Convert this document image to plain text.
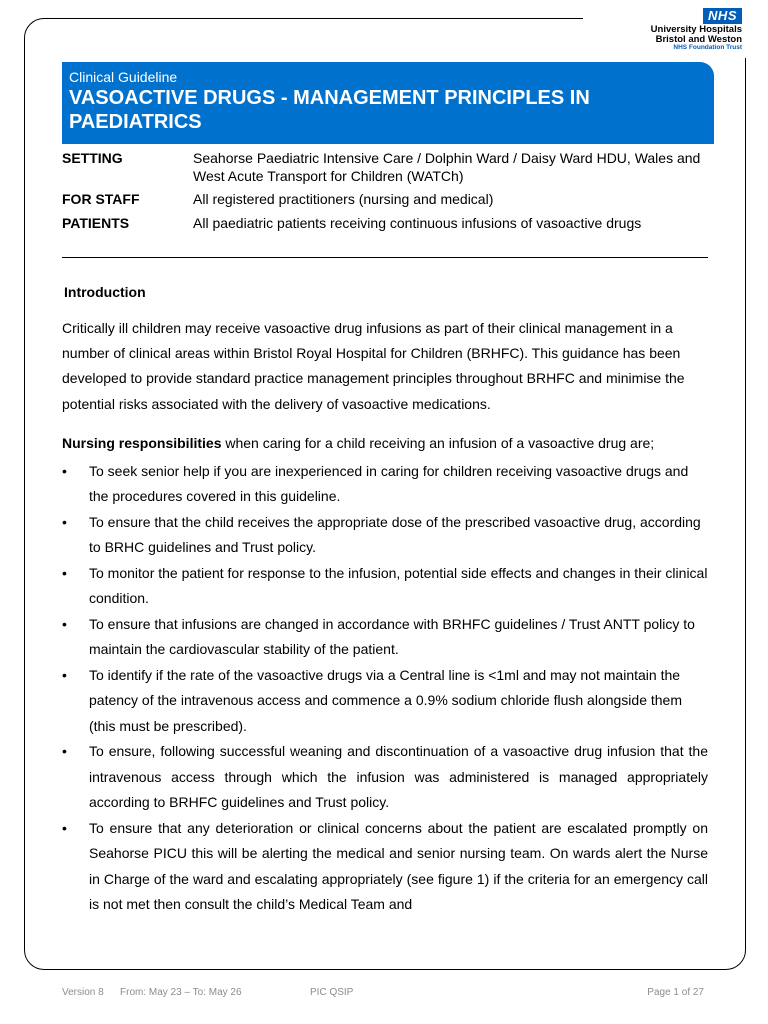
NHS
University Hospitals
Bristol and Weston
NHS Foundation Trust
Clinical Guideline
VASOACTIVE DRUGS - MANAGEMENT PRINCIPLES IN PAEDIATRICS
SETTING	Seahorse Paediatric Intensive Care / Dolphin Ward / Daisy Ward HDU, Wales and West Acute Transport for Children (WATCh)
FOR STAFF	All registered practitioners (nursing and medical)
PATIENTS	All paediatric patients receiving continuous infusions of vasoactive drugs
Introduction
Critically ill children may receive vasoactive drug infusions as part of their clinical management in a number of clinical areas within Bristol Royal Hospital for Children (BRHFC). This guidance has been developed to provide standard practice management principles throughout BRHFC and minimise the potential risks associated with the delivery of vasoactive medications.
Nursing responsibilities when caring for a child receiving an infusion of a vasoactive drug are;
• To seek senior help if you are inexperienced in caring for children receiving vasoactive drugs and the procedures covered in this guideline.
• To ensure that the child receives the appropriate dose of the prescribed vasoactive drug, according to BRHC guidelines and Trust policy.
• To monitor the patient for response to the infusion, potential side effects and changes in their clinical condition.
• To ensure that infusions are changed in accordance with BRHFC guidelines / Trust ANTT policy to maintain the cardiovascular stability of the patient.
• To identify if the rate of the vasoactive drugs via a Central line is <1ml and may not maintain the patency of the intravenous access and commence a 0.9% sodium chloride flush alongside them (this must be prescribed).
• To ensure, following successful weaning and discontinuation of a vasoactive drug infusion that the intravenous access through which the infusion was administered is managed appropriately according to BRHFC guidelines and Trust policy.
• To ensure that any deterioration or clinical concerns about the patient are escalated promptly on Seahorse PICU this will be alerting the medical and senior nursing team. On wards alert the Nurse in Charge of the ward and escalating appropriately (see figure 1) if the criteria for an emergency call is not met then consult the child’s Medical Team and
Version 8 From: May 23 – To: May 26	PIC QSIP	Page 1 of 27
